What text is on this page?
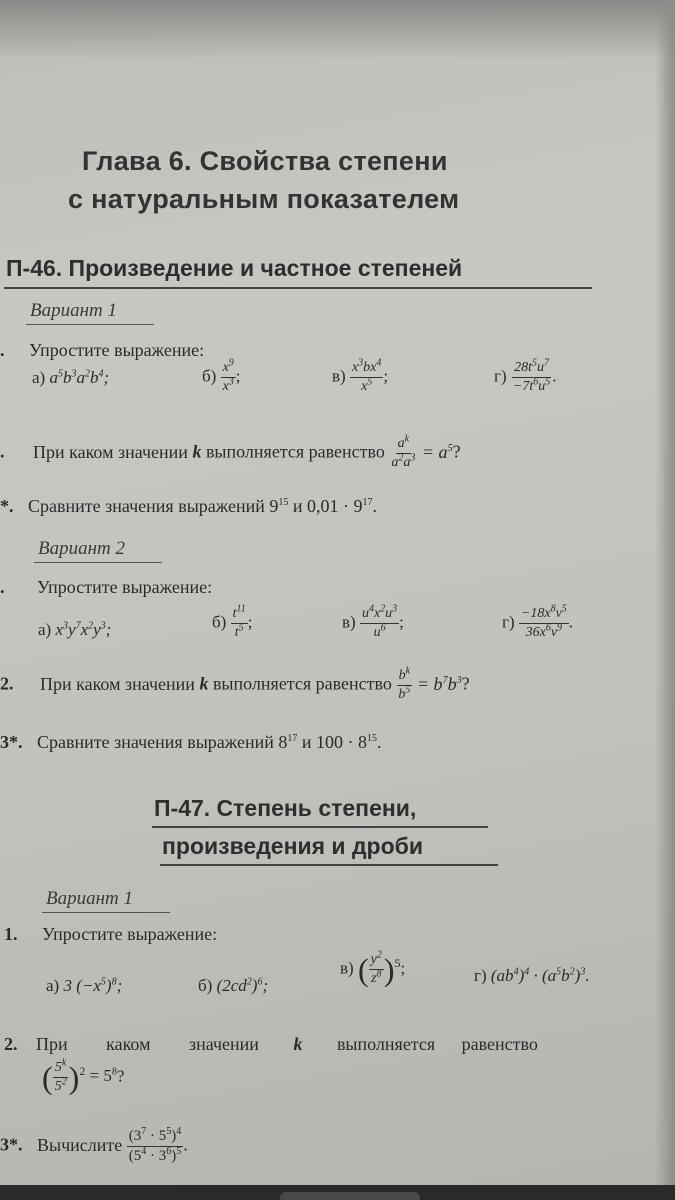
Глава 6. Свойства степени
с натуральным показателем
П-46. Произведение и частное степеней
Вариант 1
. Упростите выражение:
а) $a^5b^3a^2b^4$;	$б) \frac{x^9}{x^3}$ ;	$в) \frac{x^3bx^4}{x^5}$ ;	$г) \frac{28t^5u^7}{-7t^6u^5}$ .
. При каком значении k выполняется равенство $\frac{a^k}{a^2a^3} = a^5$?
*. Сравните значения выражений $9^{15}$ и $0,01 \cdot 9^{17}$.
Вариант 2
. Упростите выражение:
а) $x^3y^7x^2y^3$;	$б) \frac{t^{11}}{t^5}$ ;	$в) \frac{u^4x^2u^3}{u^6}$ ;	$г) \frac{-18x^8v^5}{36x^6v^9}$ .
2. При каком значении k выполняется равенство $\frac{b^k}{b^5} = b^7b^3$?
3*. Сравните значения выражений $8^{17}$ и $100 \cdot 8^{15}$.
П-47. Степень степени,
произведения и дроби
Вариант 1
1. Упростите выражение:
а) 3 $(-x^5)^8$;	б) $(2cd^2)^6$;
в) ( $\frac{y^2}{z^8} )^5$;	г) $(ab^4)^4 \cdot (a^5b^2)^3$.
2. При каком значении k выполняется равенство
( $\frac{5^k}{5^2} )^2 = 5^8$?
3*. Вычислите $\frac{(3^7 \cdot 5^5)^4}{(5^4 \cdot 3^6)^5}$ .
